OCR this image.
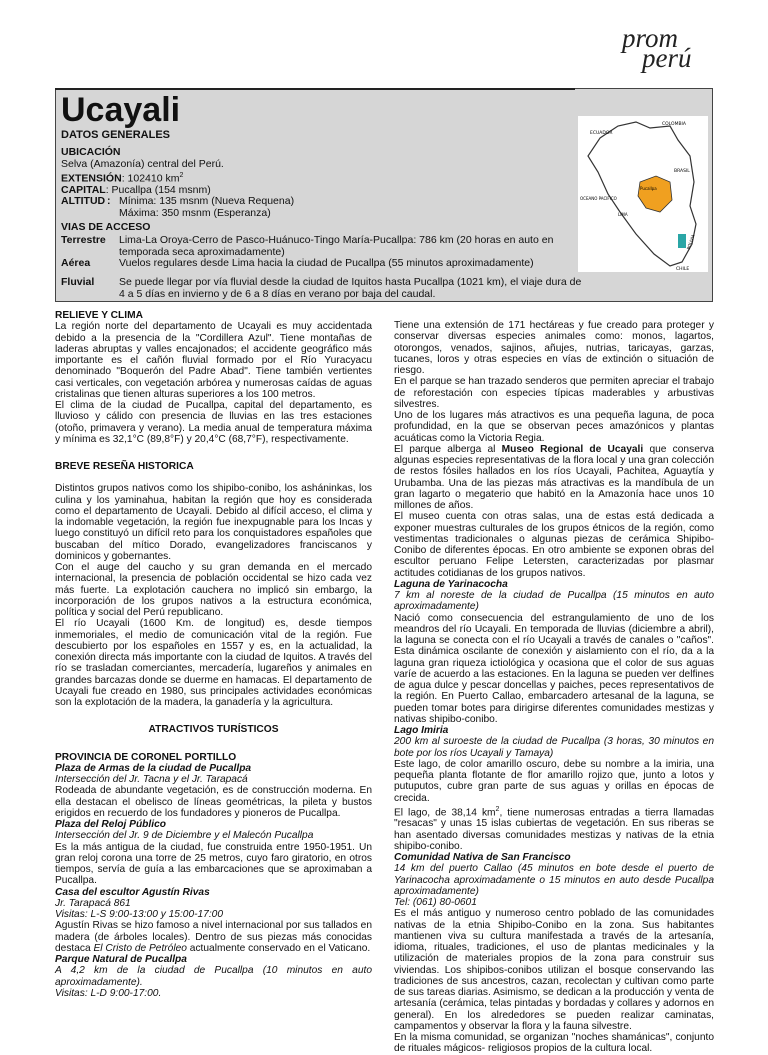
prom
perú
Ucayali
DATOS GENERALES
UBICACIÓN
Selva (Amazonía) central del Perú.
EXTENSIÓN: 102410 $km^2$
CAPITAL: Pucallpa (154 msnm)
ALTITUD : Mínima: 135 msnm (Nueva Requena)
Máxima: 350 msnm (Esperanza)
VIAS DE ACCESO
Terrestre	Lima-La Oroya-Cerro de Pasco-Huánuco-Tingo María-Pucallpa: 786 km (20 horas en auto en temporada seca aproximadamente)
Aérea	Vuelos regulares desde Lima hacia la ciudad de Pucallpa (55 minutos aproximadamente)
Fluvial	Se puede llegar por vía fluvial desde la ciudad de Iquitos hasta Pucallpa (1021 km), el viaje dura de 4 a 5 días en invierno y de 6 a 8 días en verano por baja del caudal.
ECUADOR
COLOMBIA
BRASIL
OCEANO PACIFICO
LIMA
Pucallpa
BOLIVIA
CHILE

RELIEVE Y CLIMA

La región norte del departamento de Ucayali es muy accidentada debido a la presencia de la "Cordillera Azul". Tiene montañas de laderas abruptas y valles encajonados; el accidente geográfico más importante es el cañón fluvial formado por el Río Yuracyacu denominado "Boquerón del Padre Abad". Tiene también vertientes casi verticales, con vegetación arbórea y numerosas caídas de aguas cristalinas que tienen alturas superiores a los 100 metros.

El clima de la ciudad de Pucallpa, capital del departamento, es lluvioso y cálido con presencia de lluvias en las tres estaciones (otoño, primavera y verano). La media anual de temperatura máxima y mínima es 32,1°C (89,8°F) y 20,4°C (68,7°F), respectivamente.

BREVE RESEÑA HISTORICA

Distintos grupos nativos como los shipibo-conibo, los asháninkas, los culina y los yaminahua, habitan la región que hoy es considerada como el departamento de Ucayali. Debido al difícil acceso, el clima y la indomable vegetación, la región fue inexpugnable para los Incas y luego constituyó un difícil reto para los conquistadores españoles que buscaban del mítico Dorado, evangelizadores franciscanos y dominicos y gobernantes.

Con el auge del caucho y su gran demanda en el mercado internacional, la presencia de población occidental se hizo cada vez más fuerte. La explotación cauchera no implicó sin embargo, la incorporación de los grupos nativos a la estructura económica, política y social del Perú republicano.

El río Ucayali (1600 Km. de longitud) es, desde tiempos inmemoriales, el medio de comunicación vital de la región. Fue descubierto por los españoles en 1557 y es, en la actualidad, la conexión directa más importante con la ciudad de Iquitos. A través del río se trasladan comerciantes, mercadería, lugareños y animales en grandes barcazas donde se duerme en hamacas. El departamento de Ucayali fue creado en 1980, sus principales actividades económicas son la explotación de la madera, la ganadería y la agricultura.

ATRACTIVOS TURÍSTICOS

PROVINCIA DE CORONEL PORTILLO

Plaza de Armas de la ciudad de Pucallpa

Intersección del Jr. Tacna y el Jr. Tarapacá

Rodeada de abundante vegetación, es de construcción moderna. En ella destacan el obelisco de líneas geométricas, la pileta y bustos erigidos en recuerdo de los fundadores y pioneros de Pucallpa.

Plaza del Reloj Público

Intersección del Jr. 9 de Diciembre y el Malecón Pucallpa

Es la más antigua de la ciudad, fue construida entre 1950-1951. Un gran reloj corona una torre de 25 metros, cuyo faro giratorio, en otros tiempos, servía de guía a las embarcaciones que se aproximaban a Pucallpa.

Casa del escultor Agustín Rivas

Jr. Tarapacá 861

Visitas: L-S 9:00-13:00 y 15:00-17:00

Agustín Rivas se hizo famoso a nivel internacional por sus tallados en madera (de árboles locales). Dentro de sus piezas más conocidas destaca El Cristo de Petróleo actualmente conservado en el Vaticano.

Parque Natural de Pucallpa

A 4,2 km de la ciudad de Pucallpa (10 minutos en auto aproximadamente).

Visitas: L-D 9:00-17:00.

Tiene una extensión de 171 hectáreas y fue creado para proteger y conservar diversas especies animales como: monos, lagartos, otorongos, venados, sajinos, añujes, nutrias, taricayas, garzas, tucanes, loros y otras especies en vías de extinción o situación de riesgo.

En el parque se han trazado senderos que permiten apreciar el trabajo de reforestación con especies típicas maderables y arbustivas silvestres.

Uno de los lugares más atractivos es una pequeña laguna, de poca profundidad, en la que se observan peces amazónicos y plantas acuáticas como la Victoria Regia.

El parque alberga al Museo Regional de Ucayali que conserva algunas especies representativas de la flora local y una gran colección de restos fósiles hallados en los ríos Ucayali, Pachitea, Aguaytía y Urubamba. Una de las piezas más atractivas es la mandíbula de un gran lagarto o megaterio que habitó en la Amazonía hace unos 10 millones de años.

El museo cuenta con otras salas, una de estas está dedicada a exponer muestras culturales de los grupos étnicos de la región, como vestimentas tradicionales o algunas piezas de cerámica Shipibo-Conibo de diferentes épocas. En otro ambiente se exponen obras del escultor peruano Felipe Letersten, caracterizadas por plasmar actitudes cotidianas de los grupos nativos.

Laguna de Yarinacocha

7 km al noreste de la ciudad de Pucallpa (15 minutos en auto aproximadamente)

Nació como consecuencia del estrangulamiento de uno de los meandros del río Ucayali. En temporada de lluvias (diciembre a abril), la laguna se conecta con el río Ucayali a través de canales o "caños". Esta dinámica oscilante de conexión y aislamiento con el río, da a la laguna gran riqueza ictiológica y ocasiona que el color de sus aguas varíe de acuerdo a las estaciones. En la laguna se pueden ver delfines de agua dulce y pescar doncellas y paiches, peces representativos de la región. En Puerto Callao, embarcadero artesanal de la laguna, se pueden tomar botes para dirigirse diferentes comunidades mestizas y nativas shipibo-conibo.

Lago Imiria

200 km al suroeste de la ciudad de Pucallpa (3 horas, 30 minutos en bote por los ríos Ucayali y Tamaya)

Este lago, de color amarillo oscuro, debe su nombre a la imiria, una pequeña planta flotante de flor amarillo rojizo que, junto a lotos y putuputos, cubre gran parte de sus aguas y orillas en épocas de crecida.

El lago, de 38,14 $km^2$, tiene numerosas entradas a tierra llamadas "resacas" y unas 15 islas cubiertas de vegetación. En sus riberas se han asentado diversas comunidades mestizas y nativas de la etnia shipibo-conibo.

Comunidad Nativa de San Francisco

14 km del puerto Callao (45 minutos en bote desde el puerto de Yarinacocha aproximadamente o 15 minutos en auto desde Pucallpa aproximadamente)

Tel: (061) 80-0601

Es el más antiguo y numeroso centro poblado de las comunidades nativas de la etnia Shipibo-Conibo en la zona. Sus habitantes mantienen viva su cultura manifestada a través de la artesanía, idioma, rituales, tradiciones, el uso de plantas medicinales y la utilización de materiales propios de la zona para construir sus viviendas. Los shipibos-conibos utilizan el bosque conservando las tradiciones de sus ancestros, cazan, recolectan y cultivan como parte de sus tareas diarias. Asimismo, se dedican a la producción y venta de artesanía (cerámica, telas pintadas y bordadas y collares y adornos en general). En los alrededores se pueden realizar caminatas, campamentos y observar la flora y la fauna silvestre.

En la misma comunidad, se organizan "noches shamánicas", conjunto de rituales mágicos- religiosos propios de la cultura local.
